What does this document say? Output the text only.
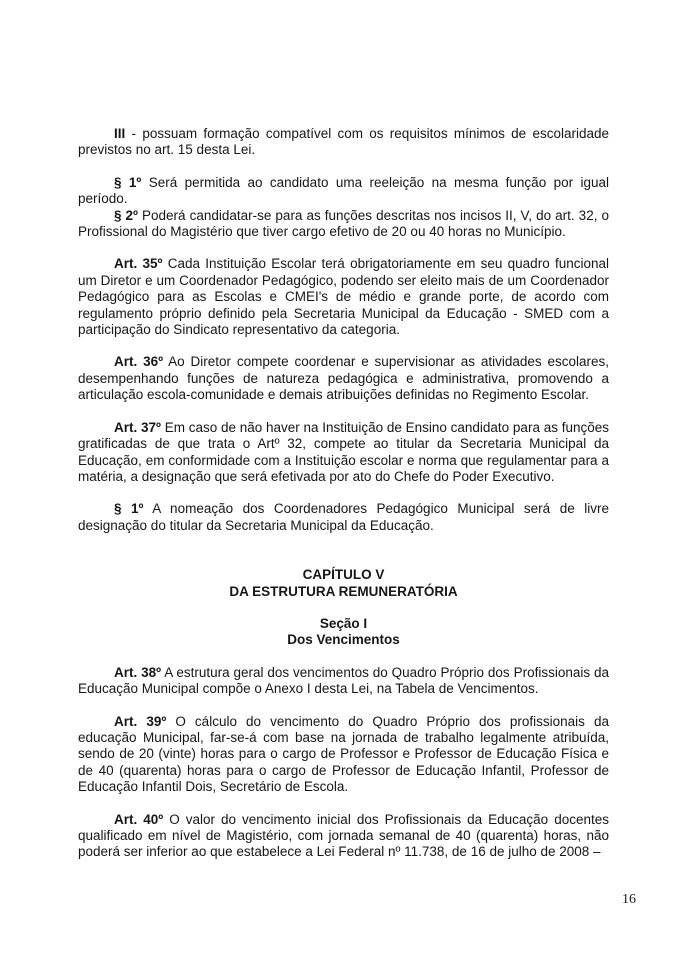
III - possuam formação compatível com os requisitos mínimos de escolaridade previstos no art. 15 desta Lei.

§ 1º Será permitida ao candidato uma reeleição na mesma função por igual período.

§ 2º Poderá candidatar-se para as funções descritas nos incisos II, V, do art. 32, o Profissional do Magistério que tiver cargo efetivo de 20 ou 40 horas no Município.

Art. 35º Cada Instituição Escolar terá obrigatoriamente em seu quadro funcional um Diretor e um Coordenador Pedagógico, podendo ser eleito mais de um Coordenador Pedagógico para as Escolas e CMEI's de médio e grande porte, de acordo com regulamento próprio definido pela Secretaria Municipal da Educação - SMED com a participação do Sindicato representativo da categoria.

Art. 36º Ao Diretor compete coordenar e supervisionar as atividades escolares, desempenhando funções de natureza pedagógica e administrativa, promovendo a articulação escola-comunidade e demais atribuições definidas no Regimento Escolar.

Art. 37º Em caso de não haver na Instituição de Ensino candidato para as funções gratificadas de que trata o Artº 32, compete ao titular da Secretaria Municipal da Educação, em conformidade com a Instituição escolar e norma que regulamentar para a matéria, a designação que será efetivada por ato do Chefe do Poder Executivo.

§ 1º A nomeação dos Coordenadores Pedagógico Municipal será de livre designação do titular da Secretaria Municipal da Educação.

CAPÍTULO V
DA ESTRUTURA REMUNERATÓRIA
Seção I
Dos Vencimentos

Art. 38º A estrutura geral dos vencimentos do Quadro Próprio dos Profissionais da Educação Municipal compõe o Anexo I desta Lei, na Tabela de Vencimentos.

Art. 39º O cálculo do vencimento do Quadro Próprio dos profissionais da educação Municipal, far-se-á com base na jornada de trabalho legalmente atribuída, sendo de 20 (vinte) horas para o cargo de Professor e Professor de Educação Física e de 40 (quarenta) horas para o cargo de Professor de Educação Infantil, Professor de Educação Infantil Dois, Secretário de Escola.

Art. 40º O valor do vencimento inicial dos Profissionais da Educação docentes qualificado em nível de Magistério, com jornada semanal de 40 (quarenta) horas, não poderá ser inferior ao que estabelece a Lei Federal nº 11.738, de 16 de julho de 2008 –

16
